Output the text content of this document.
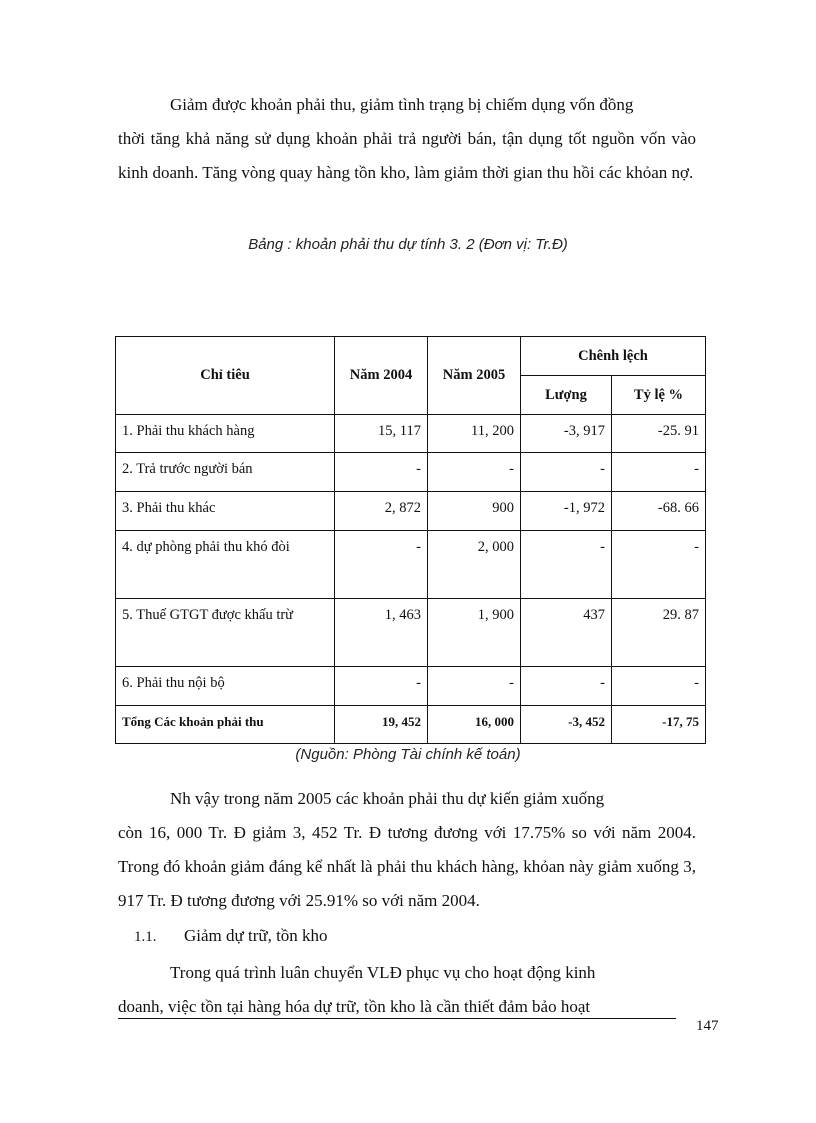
Giảm được khoản phải thu, giảm tình trạng bị chiếm dụng vốn đồng
thời tăng khả năng sử dụng khoản phải trả người bán, tận dụng tốt nguồn vốn vào kinh doanh. Tăng vòng quay hàng tồn kho, làm giảm thời gian thu hồi các khỏan nợ.

Bảng : khoản phải thu dự tính 3. 2 (Đơn vị: Tr.Đ)
Chỉ tiêu	Năm 2004	Năm 2005	Chênh lệch	
			Lượng	Tỷ lệ %
1. Phải thu khách hàng	15, 117	11, 200	-3, 917	-25. 91
2. Trả trước người bán	-	-	-	-
3. Phải thu khác	2, 872	900	-1, 972	-68. 66
4. dự phòng phải thu khó đòi	-	2, 000	-	-
5. Thuế GTGT được khấu trừ	1, 463	1, 900	437	29. 87
6. Phải thu nội bộ	-	-	-	-
Tổng Các khoản phải thu	19, 452	16, 000	-3, 452	-17, 75
(Nguồn: Phòng Tài chính kế toán)

Nh vậy trong năm 2005 các khoản phải thu dự kiến giảm xuống
còn 16, 000 Tr. Đ giảm 3, 452 Tr. Đ tương đương với 17.75% so với năm 2004. Trong đó khoản giảm đáng kể nhất là phải thu khách hàng, khỏan này giảm xuống 3, 917 Tr. Đ tương đương với 25.91% so với năm 2004.

1.1. Giảm dự trữ, tồn kho

Trong quá trình luân chuyển VLĐ phục vụ cho hoạt động kinh
doanh, việc tồn tại hàng hóa dự trữ, tồn kho là cần thiết đảm bảo hoạt

147
